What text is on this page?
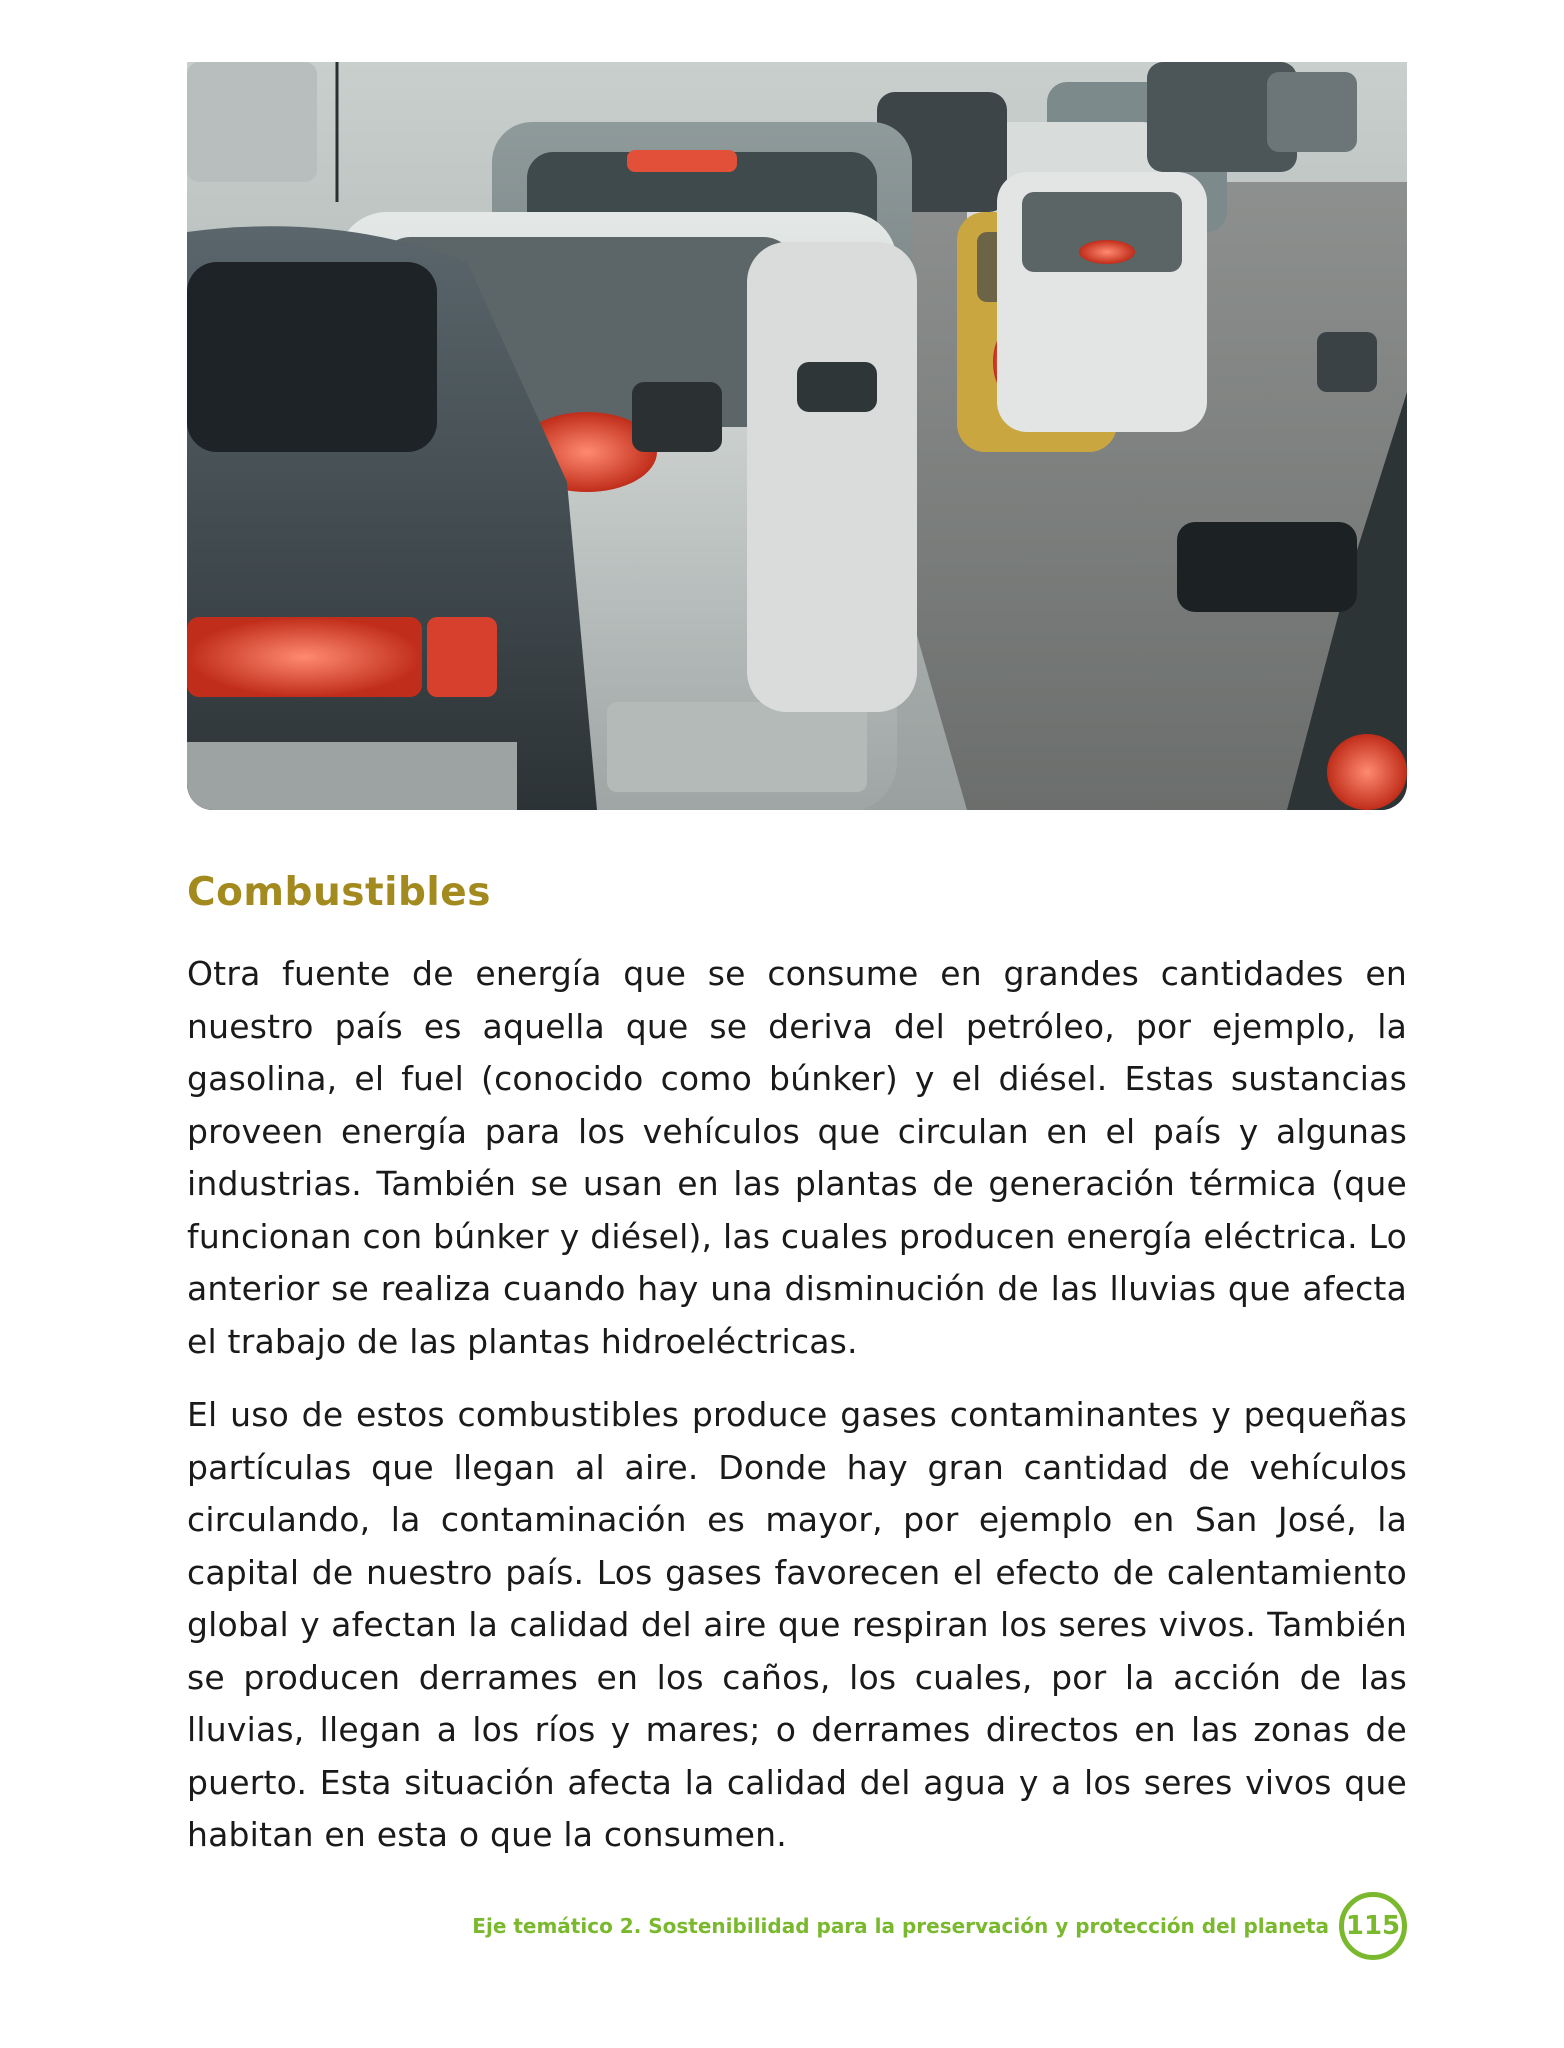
Combustibles

Otra fuente de energía que se consume en grandes cantidades en nuestro país es aquella que se deriva del petróleo, por ejemplo, la gasolina, el fuel (conocido como búnker) y el diésel. Estas sustancias proveen energía para los vehículos que circulan en el país y algunas industrias. También se usan en las plantas de generación térmica (que funcionan con búnker y diésel), las cuales producen energía eléctrica. Lo anterior se realiza cuando hay una disminución de las lluvias que afecta el trabajo de las plantas hidroeléctricas.

El uso de estos combustibles produce gases contaminantes y pequeñas partículas que llegan al aire. Donde hay gran cantidad de vehículos circulando, la contaminación es mayor, por ejemplo en San José, la capital de nuestro país. Los gases favorecen el efecto de calentamiento global y afectan la calidad del aire que respiran los seres vivos. También se producen derrames en los caños, los cuales, por la acción de las lluvias, llegan a los ríos y mares; o derrames directos en las zonas de puerto. Esta situación afecta la calidad del agua y a los seres vivos que habitan en esta o que la consumen.

Eje temático 2. Sostenibilidad para la preservación y protección del planeta 115
